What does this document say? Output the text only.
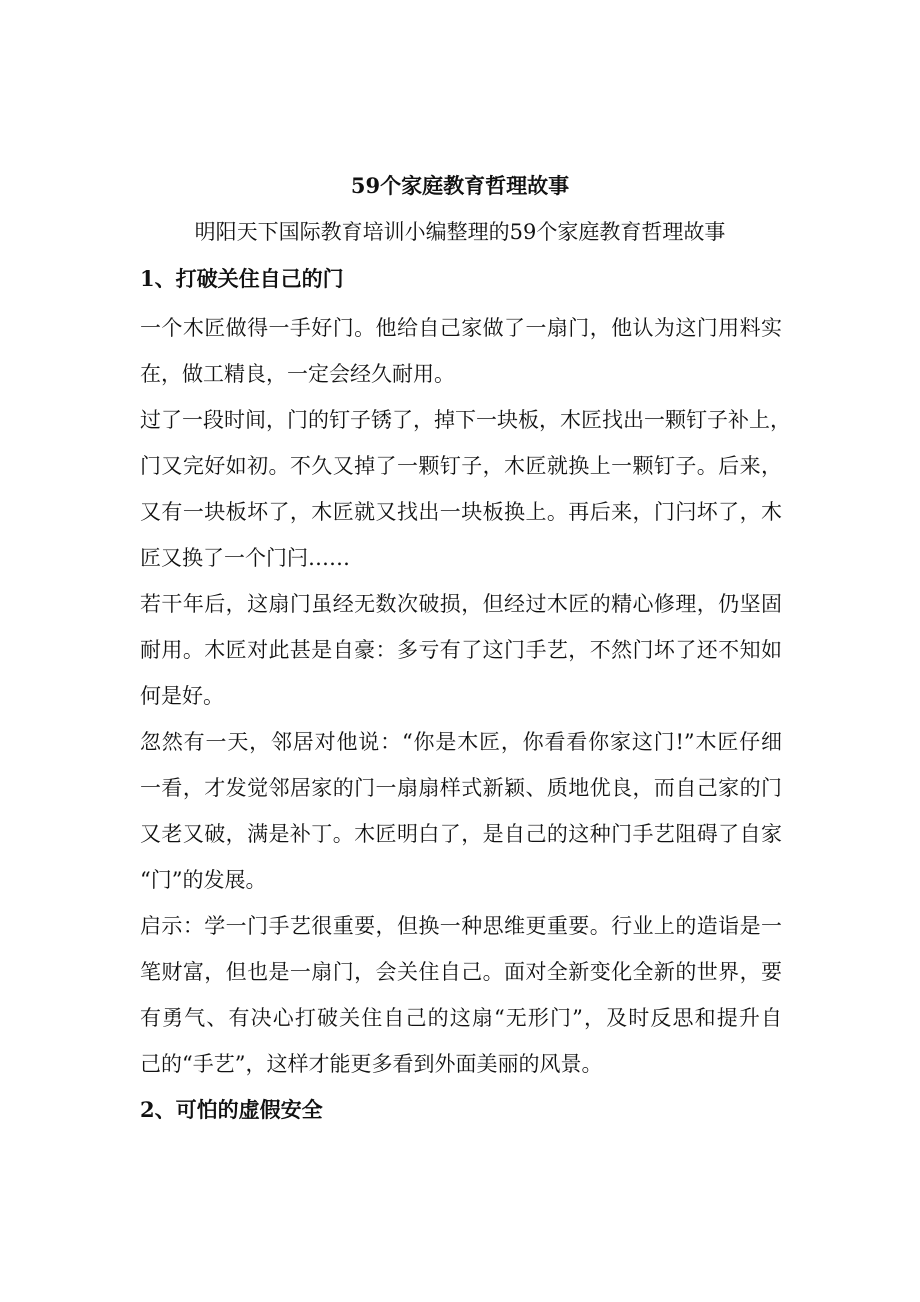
59个家庭教育哲理故事
明阳天下国际教育培训小编整理的59个家庭教育哲理故事
1、打破关住自己的门
一个木匠做得一手好门。他给自己家做了一扇门，他认为这门用料实
在，做工精良，一定会经久耐用。
过了一段时间，门的钉子锈了，掉下一块板，木匠找出一颗钉子补上，
门又完好如初。不久又掉了一颗钉子，木匠就换上一颗钉子。后来，
又有一块板坏了，木匠就又找出一块板换上。再后来，门闩坏了，木
匠又换了一个门闩……
若干年后，这扇门虽经无数次破损，但经过木匠的精心修理，仍坚固
耐用。木匠对此甚是自豪：多亏有了这门手艺，不然门坏了还不知如
何是好。
忽然有一天，邻居对他说：“你是木匠，你看看你家这门!”木匠仔细
一看，才发觉邻居家的门一扇扇样式新颖、质地优良，而自己家的门
又老又破，满是补丁。木匠明白了，是自己的这种门手艺阻碍了自家
“门”的发展。
启示：学一门手艺很重要，但换一种思维更重要。行业上的造诣是一
笔财富，但也是一扇门，会关住自己。面对全新变化全新的世界，要
有勇气、有决心打破关住自己的这扇“无形门”，及时反思和提升自
己的“手艺”，这样才能更多看到外面美丽的风景。
2、可怕的虚假安全
